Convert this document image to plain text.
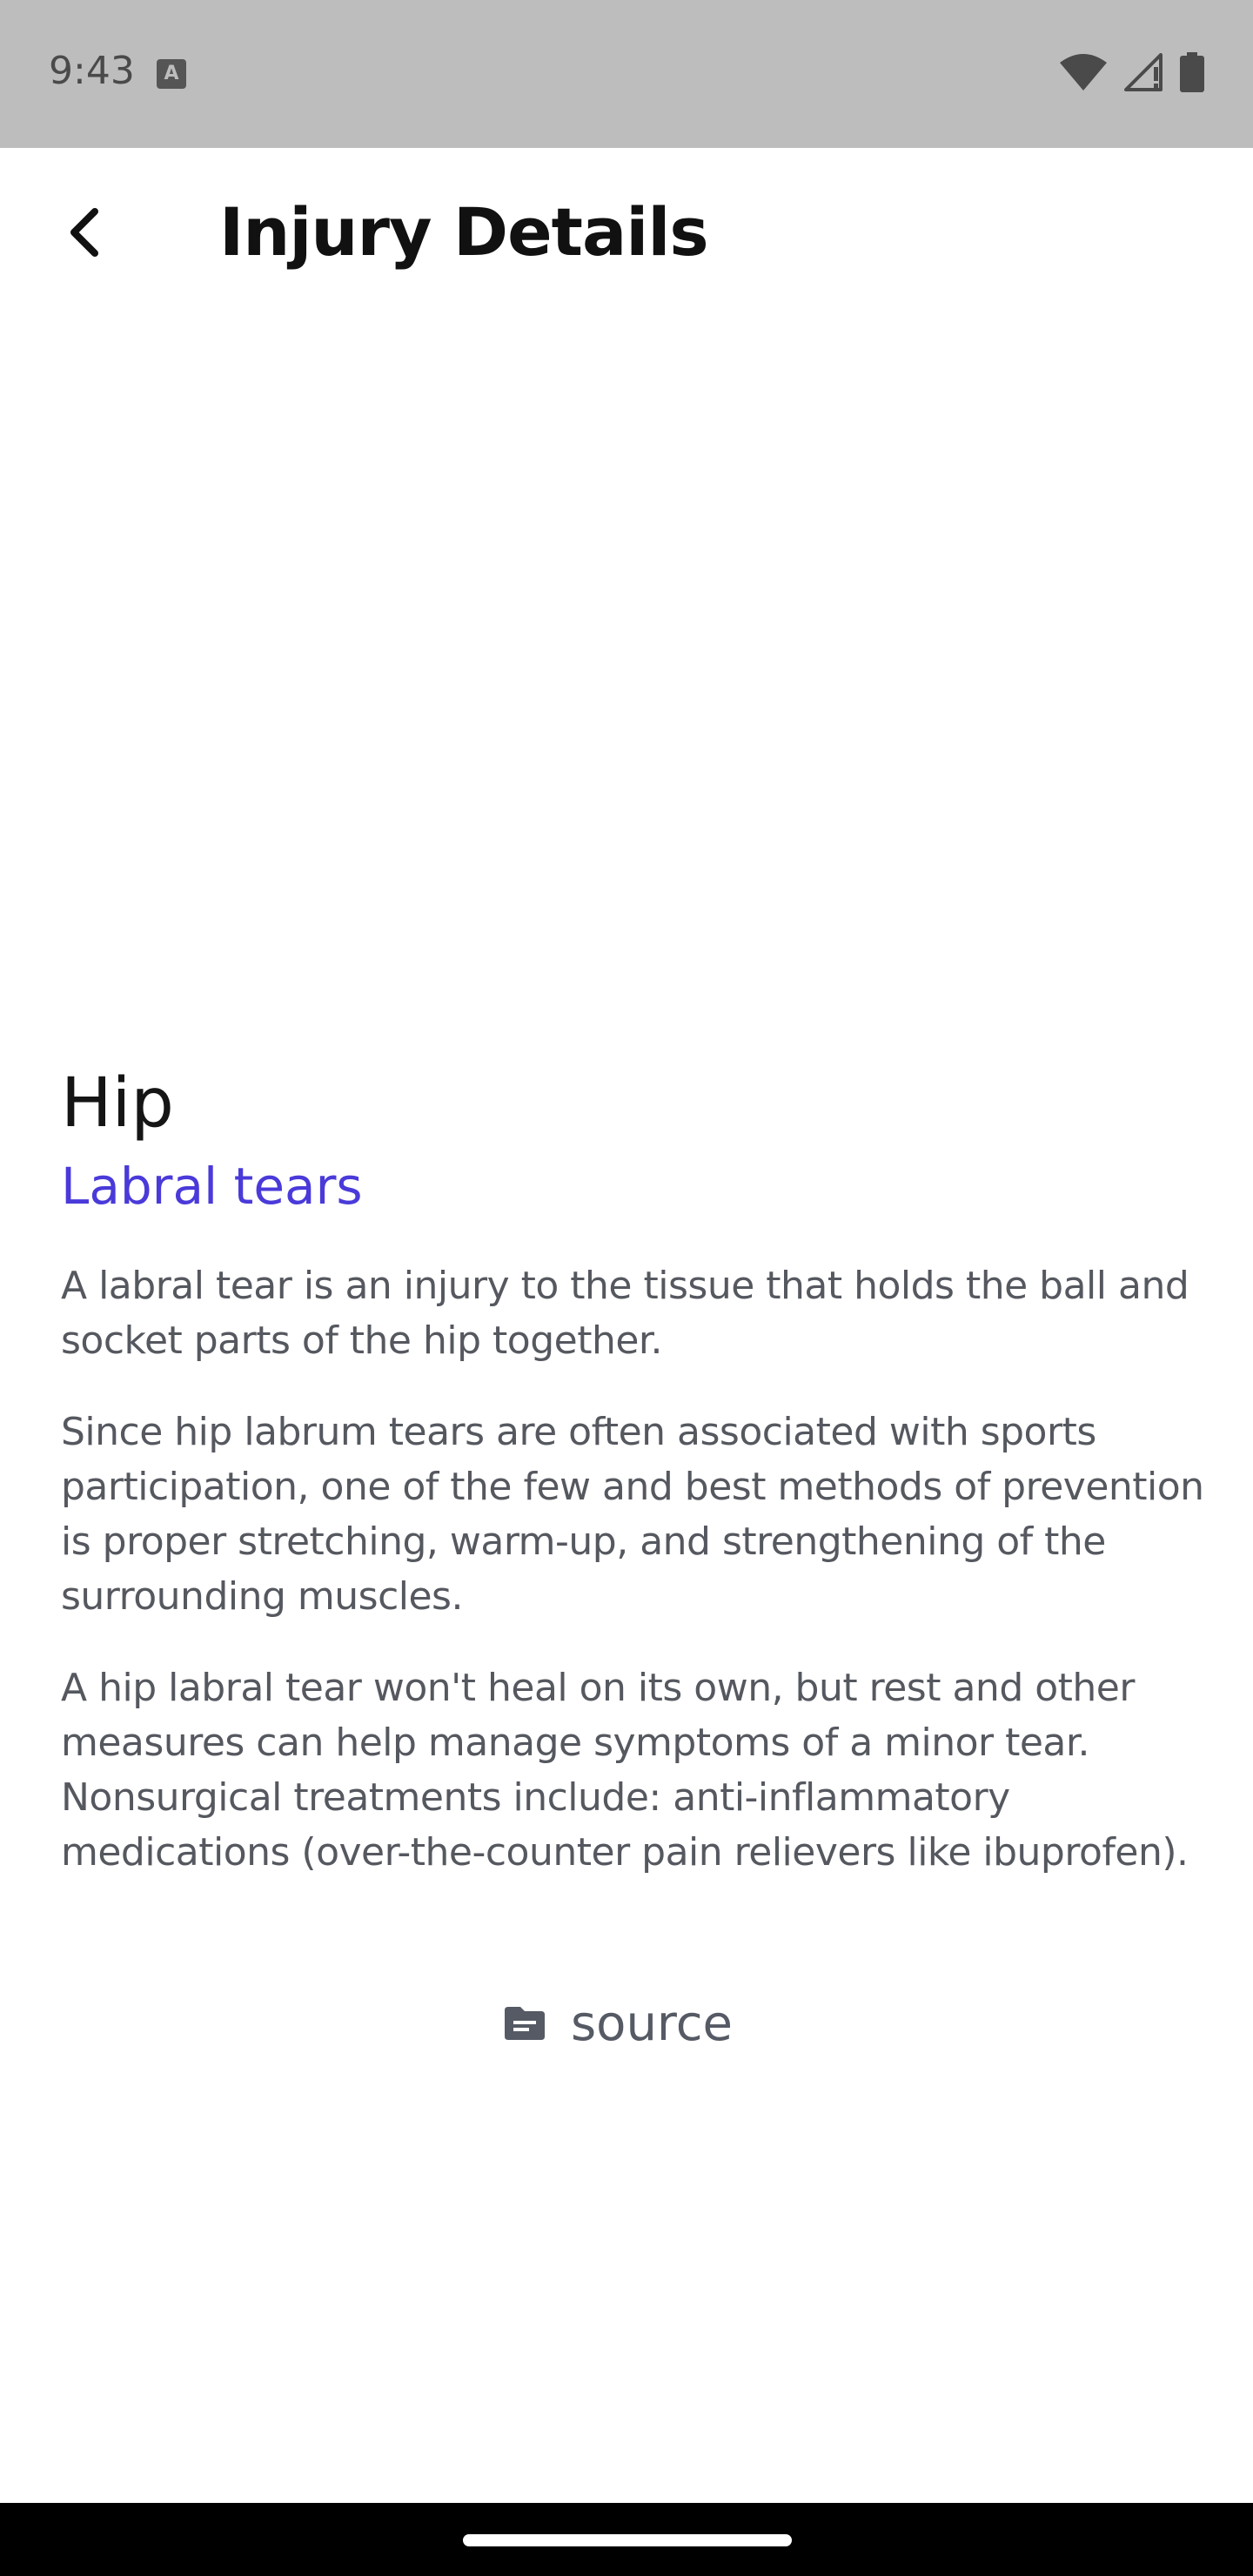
9:43	A
Injury Details
Hip
Labral tears

A labral tear is an injury to the tissue that holds the ball and socket parts of the hip together.

Since hip labrum tears are often associated with sports participation, one of the few and best methods of prevention is proper stretching, warm-up, and strengthening of the surrounding muscles.

A hip labral tear won't heal on its own, but rest and other measures can help manage symptoms of a minor tear. Nonsurgical treatments include: anti-inflammatory medications (over-the-counter pain relievers like ibuprofen).

source
